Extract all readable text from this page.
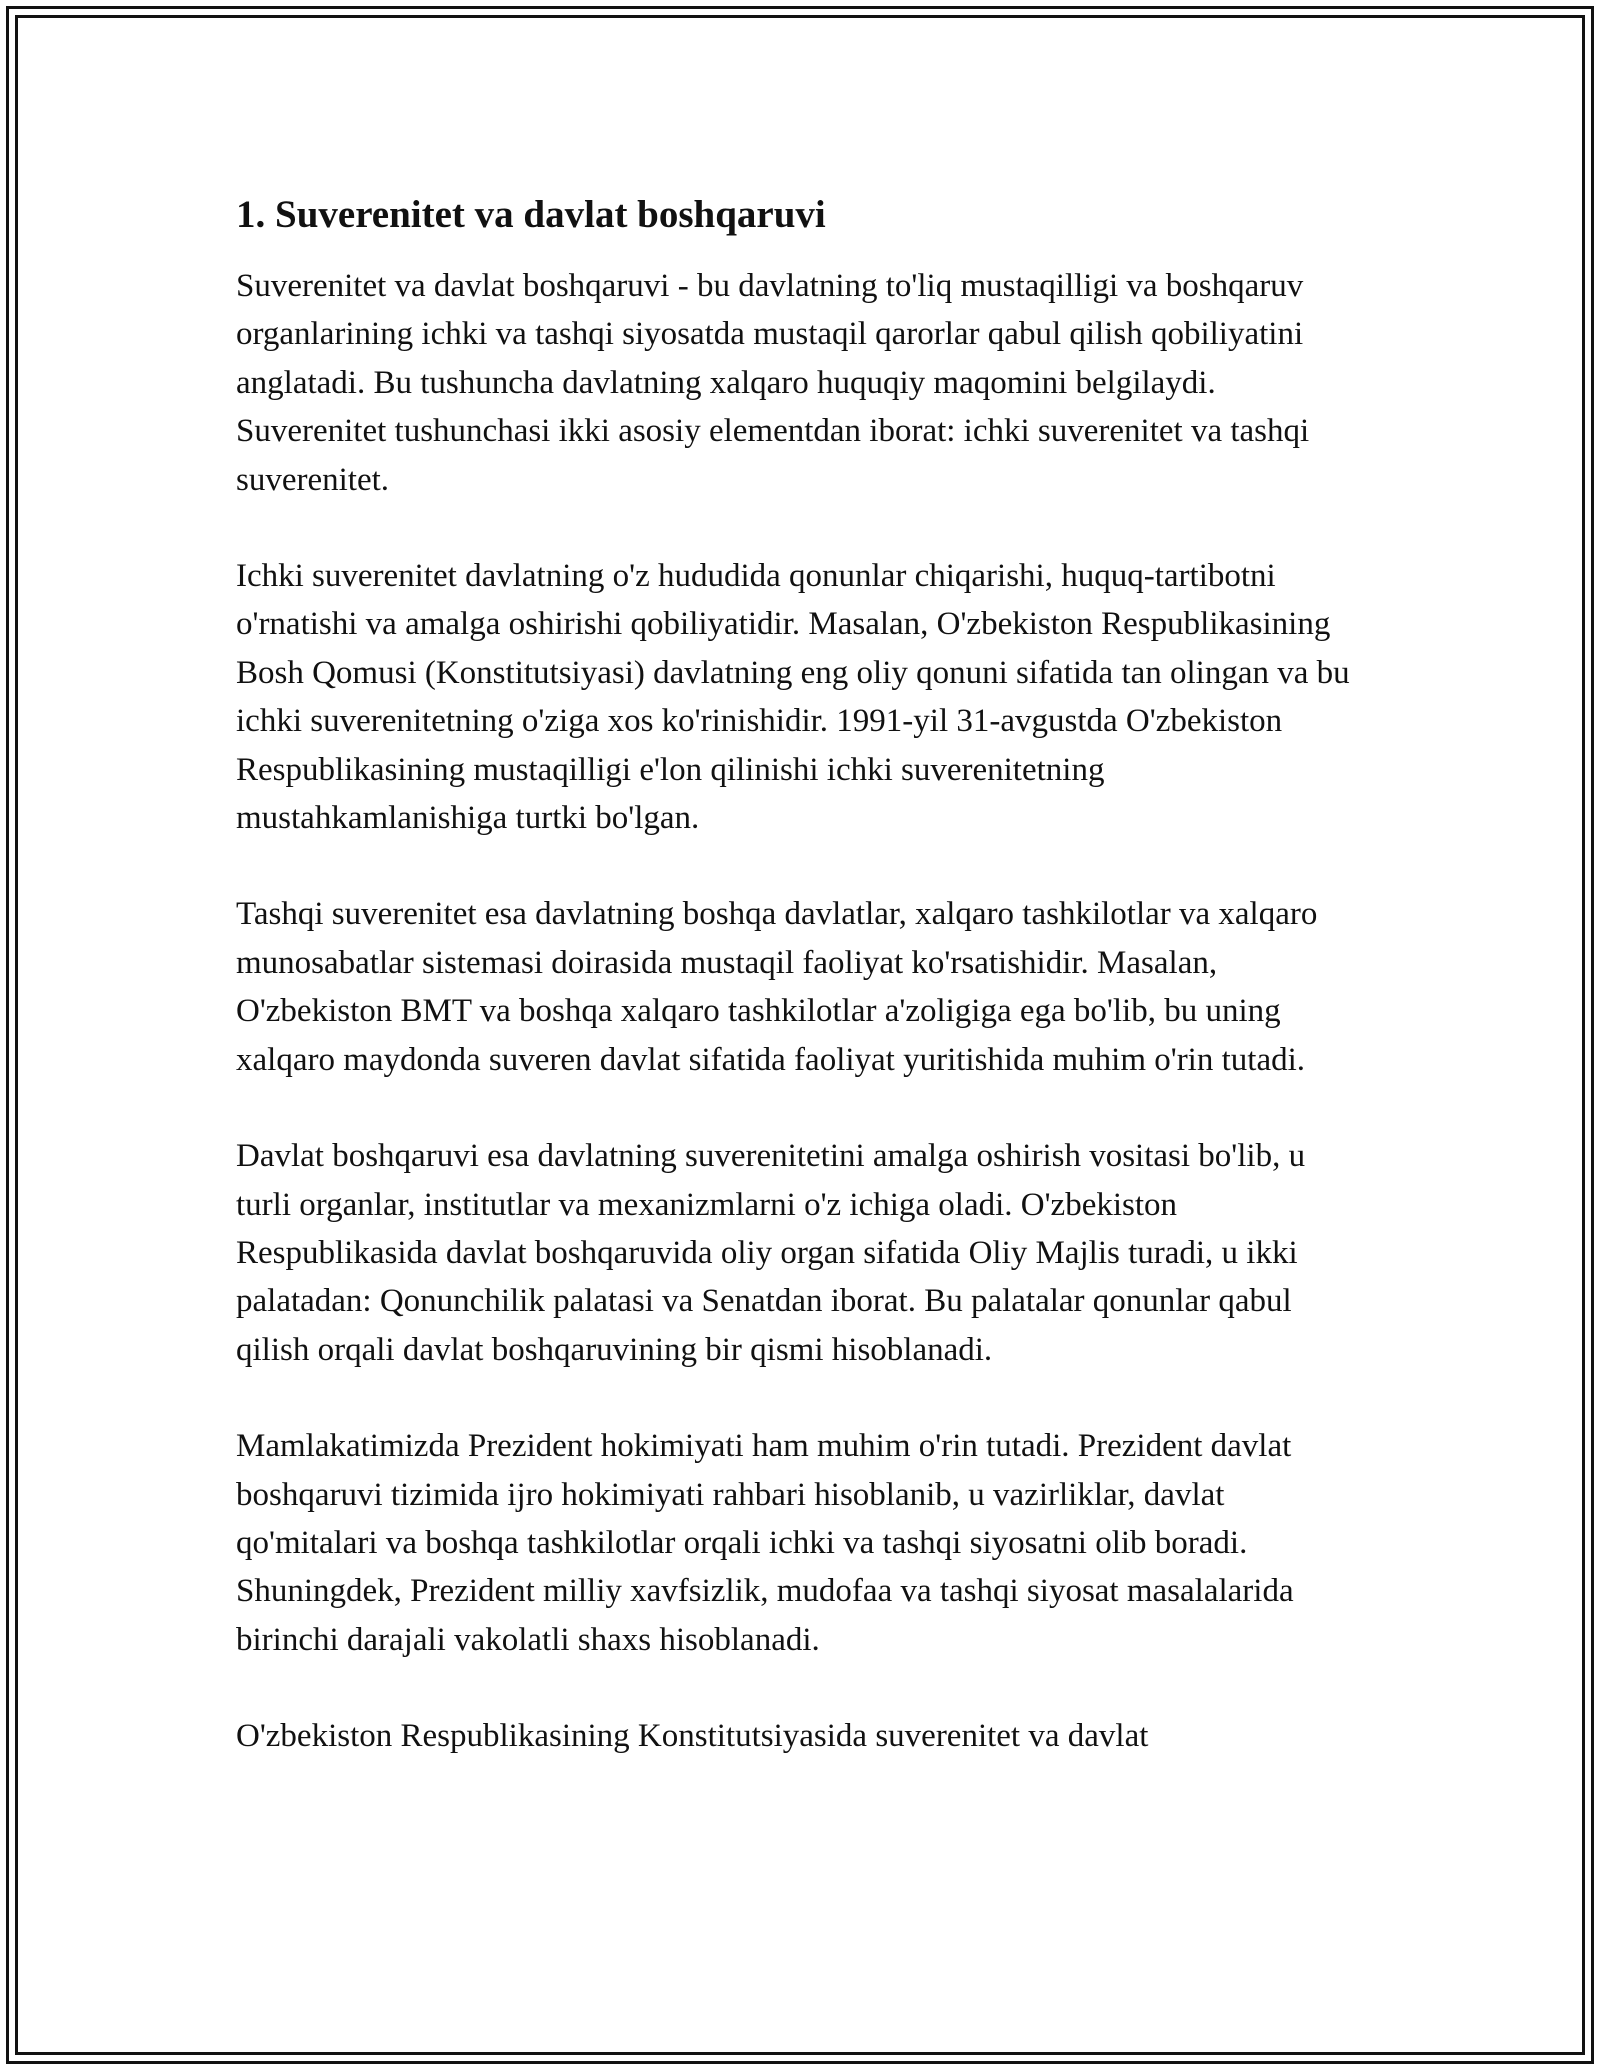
1. Suverenitet va davlat boshqaruvi

Suverenitet va davlat boshqaruvi - bu davlatning to'liq mustaqilligi va boshqaruv organlarining ichki va tashqi siyosatda mustaqil qarorlar qabul qilish qobiliyatini anglatadi. Bu tushuncha davlatning xalqaro huquqiy maqomini belgilaydi. Suverenitet tushunchasi ikki asosiy elementdan iborat: ichki suverenitet va tashqi suverenitet.

Ichki suverenitet davlatning o'z hududida qonunlar chiqarishi, huquq-tartibotni o'rnatishi va amalga oshirishi qobiliyatidir. Masalan, O'zbekiston Respublikasining Bosh Qomusi (Konstitutsiyasi) davlatning eng oliy qonuni sifatida tan olingan va bu ichki suverenitetning o'ziga xos ko'rinishidir. 1991-yil 31-avgustda O'zbekiston Respublikasining mustaqilligi e'lon qilinishi ichki suverenitetning mustahkamlanishiga turtki bo'lgan.

Tashqi suverenitet esa davlatning boshqa davlatlar, xalqaro tashkilotlar va xalqaro munosabatlar sistemasi doirasida mustaqil faoliyat ko'rsatishidir. Masalan, O'zbekiston BMT va boshqa xalqaro tashkilotlar a'zoligiga ega bo'lib, bu uning xalqaro maydonda suveren davlat sifatida faoliyat yuritishida muhim o'rin tutadi.

Davlat boshqaruvi esa davlatning suverenitetini amalga oshirish vositasi bo'lib, u turli organlar, institutlar va mexanizmlarni o'z ichiga oladi. O'zbekiston Respublikasida davlat boshqaruvida oliy organ sifatida Oliy Majlis turadi, u ikki palatadan: Qonunchilik palatasi va Senatdan iborat. Bu palatalar qonunlar qabul qilish orqali davlat boshqaruvining bir qismi hisoblanadi.

Mamlakatimizda Prezident hokimiyati ham muhim o'rin tutadi. Prezident davlat boshqaruvi tizimida ijro hokimiyati rahbari hisoblanib, u vazirliklar, davlat qo'mitalari va boshqa tashkilotlar orqali ichki va tashqi siyosatni olib boradi. Shuningdek, Prezident milliy xavfsizlik, mudofaa va tashqi siyosat masalalarida birinchi darajali vakolatli shaxs hisoblanadi.

O'zbekiston Respublikasining Konstitutsiyasida suverenitet va davlat
